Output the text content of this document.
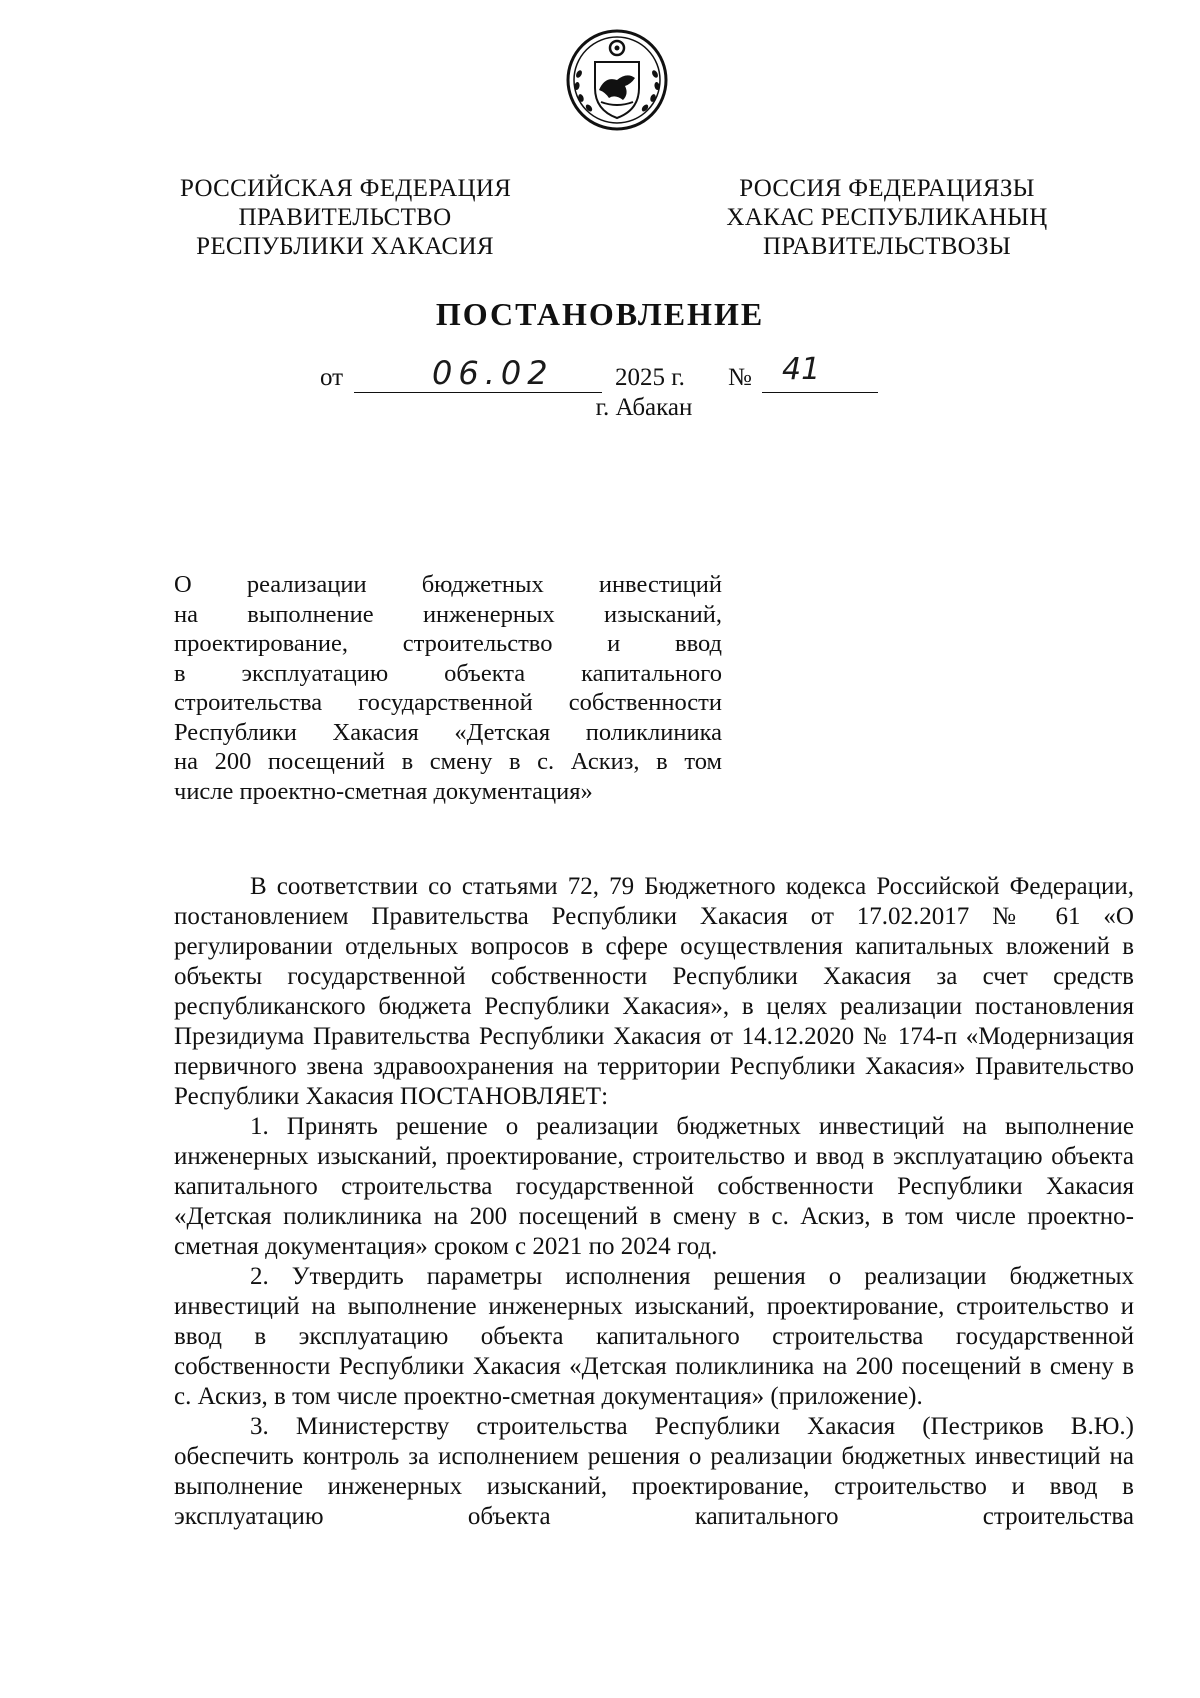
РОССИЙСКАЯ ФЕДЕРАЦИЯ
ПРАВИТЕЛЬСТВО
РЕСПУБЛИКИ ХАКАСИЯ
РОССИЯ ФЕДЕРАЦИЯЗЫ
ХАКАС РЕСПУБЛИКАНЫҢ
ПРАВИТЕЛЬСТВОЗЫ
ПОСТАНОВЛЕНИЕ
от	06.02 2025 г. № 41
г. Абакан
О реализации бюджетных инвестиций
на выполнение инженерных изысканий,
проектирование, строительство и ввод
в эксплуатацию объекта капитального
строительства государственной собственности
Республики Хакасия «Детская поликлиника
на 200 посещений в смену в с. Аскиз, в том
числе проектно-сметная документация»

В соответствии со статьями 72, 79 Бюджетного кодекса Российской Федерации, постановлением Правительства Республики Хакасия от 17.02.2017 № 61 «О регулировании отдельных вопросов в сфере осуществления капитальных вложений в объекты государственной собственности Республики Хакасия за счет средств республиканского бюджета Республики Хакасия», в целях реализации постановления Президиума Правительства Республики Хакасия от 14.12.2020 № 174-п «Модернизация первичного звена здравоохранения на территории Республики Хакасия» Правительство Республики Хакасия ПОСТАНОВЛЯЕТ:

1. Принять решение о реализации бюджетных инвестиций на выполнение инженерных изысканий, проектирование, строительство и ввод в эксплуатацию объекта капитального строительства государственной собственности Республики Хакасия «Детская поликлиника на 200 посещений в смену в с. Аскиз, в том числе проектно-сметная документация» сроком с 2021 по 2024 год.

2. Утвердить параметры исполнения решения о реализации бюджетных инвестиций на выполнение инженерных изысканий, проектирование, строительство и ввод в эксплуатацию объекта капитального строительства государственной собственности Республики Хакасия «Детская поликлиника на 200 посещений в смену в с. Аскиз, в том числе проектно-сметная документация» (приложение).

3. Министерству строительства Республики Хакасия (Пестриков В.Ю.) обеспечить контроль за исполнением решения о реализации бюджетных инвестиций на выполнение инженерных изысканий, проектирование, строительство и ввод в эксплуатацию объекта капитального строительства
